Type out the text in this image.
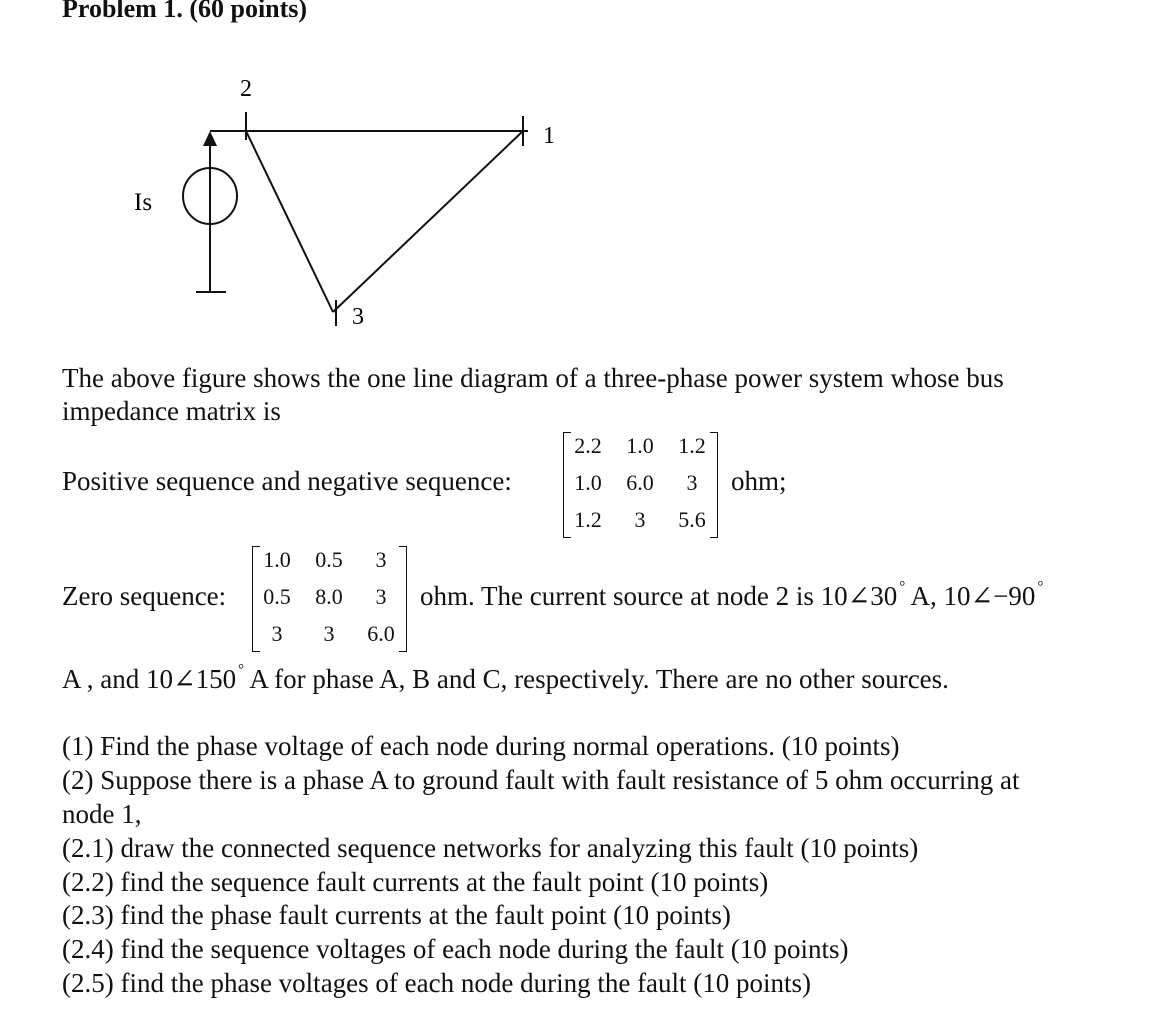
Problem 1. (60 points)
2
1
3
Is
The above figure shows the one line diagram of a three-phase power system whose bus
impedance matrix is
Positive sequence and negative sequence:
2.2	1.0	1.2
1.0	6.0	3
1.2	3	5.6
ohm;
Zero sequence:
1.0	0.5	3
0.5	8.0	3
3	3	6.0
ohm. The current source at node 2 is 10∠30 ° A, 10∠−90 °
A , and 10∠150 ° A for phase A, B and C, respectively. There are no other sources.
(1) Find the phase voltage of each node during normal operations. (10 points)
(2) Suppose there is a phase A to ground fault with fault resistance of 5 ohm occurring at
node 1,
(2.1) draw the connected sequence networks for analyzing this fault (10 points)
(2.2) find the sequence fault currents at the fault point (10 points)
(2.3) find the phase fault currents at the fault point (10 points)
(2.4) find the sequence voltages of each node during the fault (10 points)
(2.5) find the phase voltages of each node during the fault (10 points)
